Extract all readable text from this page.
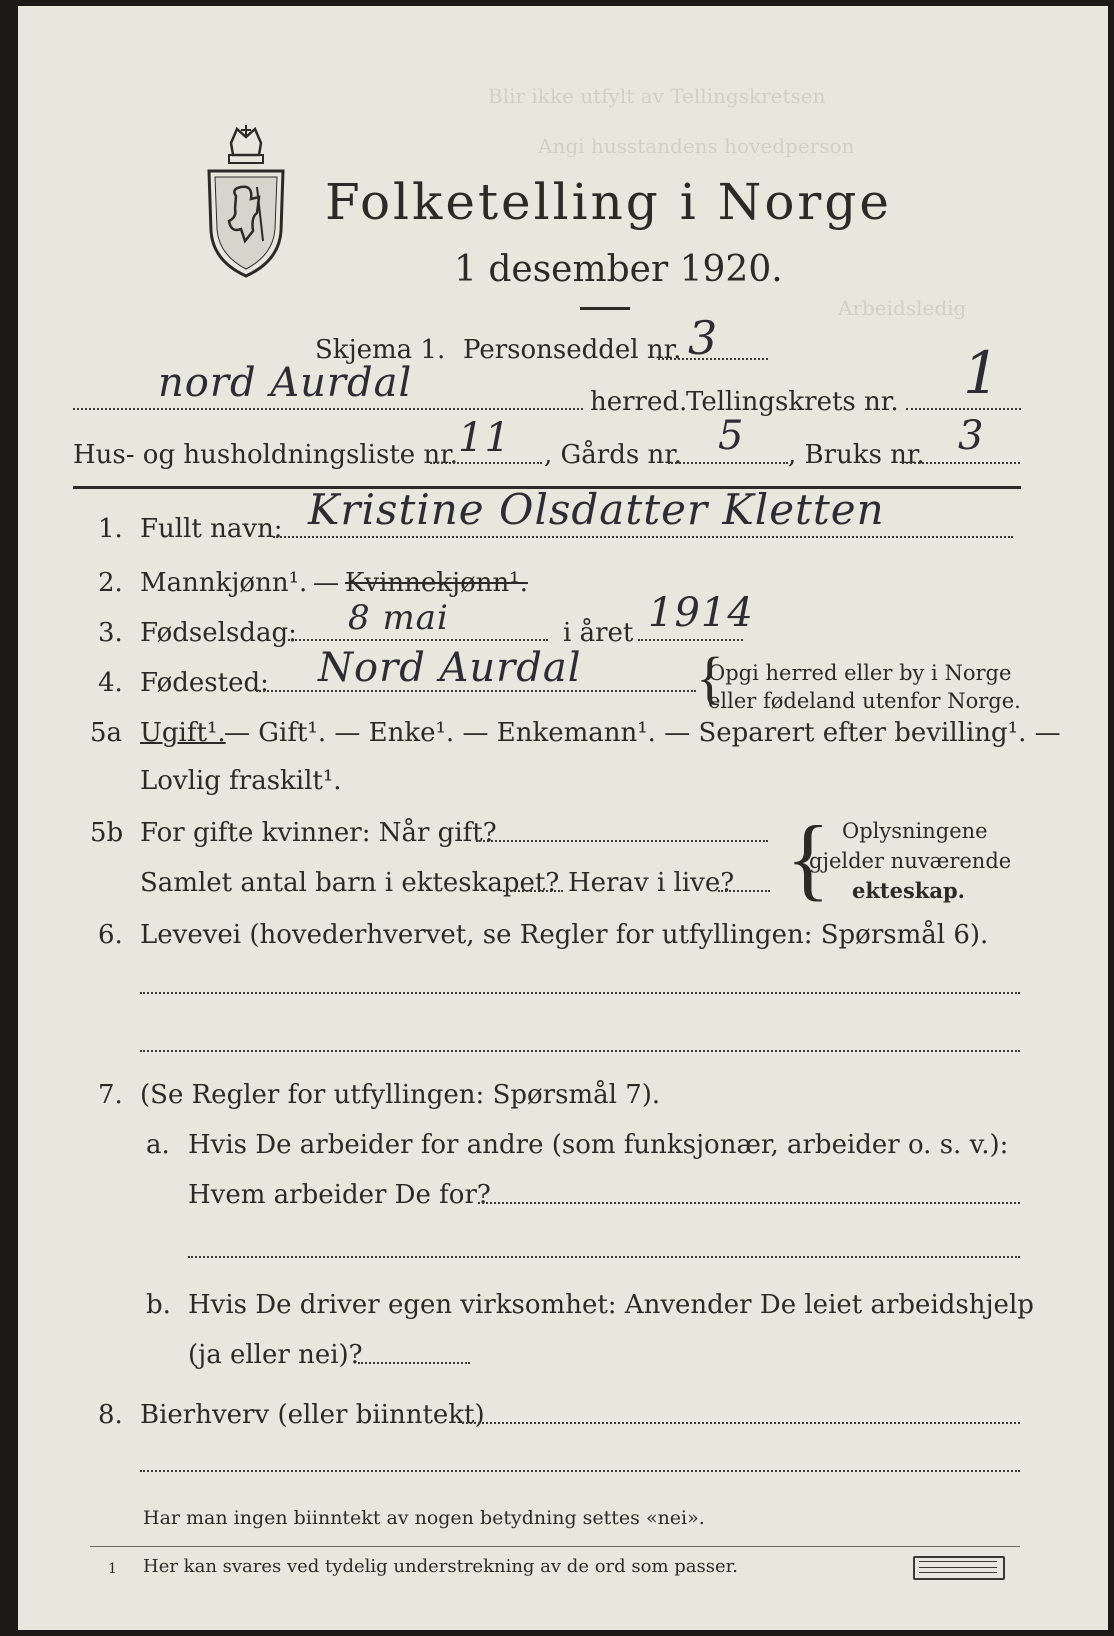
Blir ikke utfylt av Tellingskretsen
Angi husstandens hovedperson
Arbeidsledig
Folketelling i Norge
1 desember 1920.
Skjema 1. Personseddel nr. 3
nord Aurdal	herred.
Tellingskrets nr. 1
Hus- og husholdningsliste nr. 11 , Gårds nr. 5 , Bruks nr. 3
1. Fullt navn: Kristine Olsdatter Kletten
2. Mannkjønn¹. — Kvinnekjønn¹.
3. Fødselsdag: 8 mai	i året 1914
4. Fødested: Nord Aurdal {
Opgi herred eller by i Norge
eller fødeland utenfor Norge.
5a Ugift¹.
— Gift¹. — Enke¹. — Enkemann¹. — Separert efter bevilling¹. —
Lovlig fraskilt¹.
5b For gifte kvinner: Når gift?
Samlet antal barn i ekteskapet? Herav i live? { Oplysningene
gjelder nuværende
ekteskap.
6. Levevei (hovederhvervet, se Regler for utfyllingen: Spørsmål 6).
7. (Se Regler for utfyllingen: Spørsmål 7).
a. Hvis De arbeider for andre (som funksjonær, arbeider o. s. v.):
Hvem arbeider De for?
b. Hvis De driver egen virksomhet: Anvender De leiet arbeidshjelp
(ja eller nei)?
8. Bierhverv (eller biinntekt)
Har man ingen biinntekt av nogen betydning settes «nei».
1 Her kan svares ved tydelig understrekning av de ord som passer.
